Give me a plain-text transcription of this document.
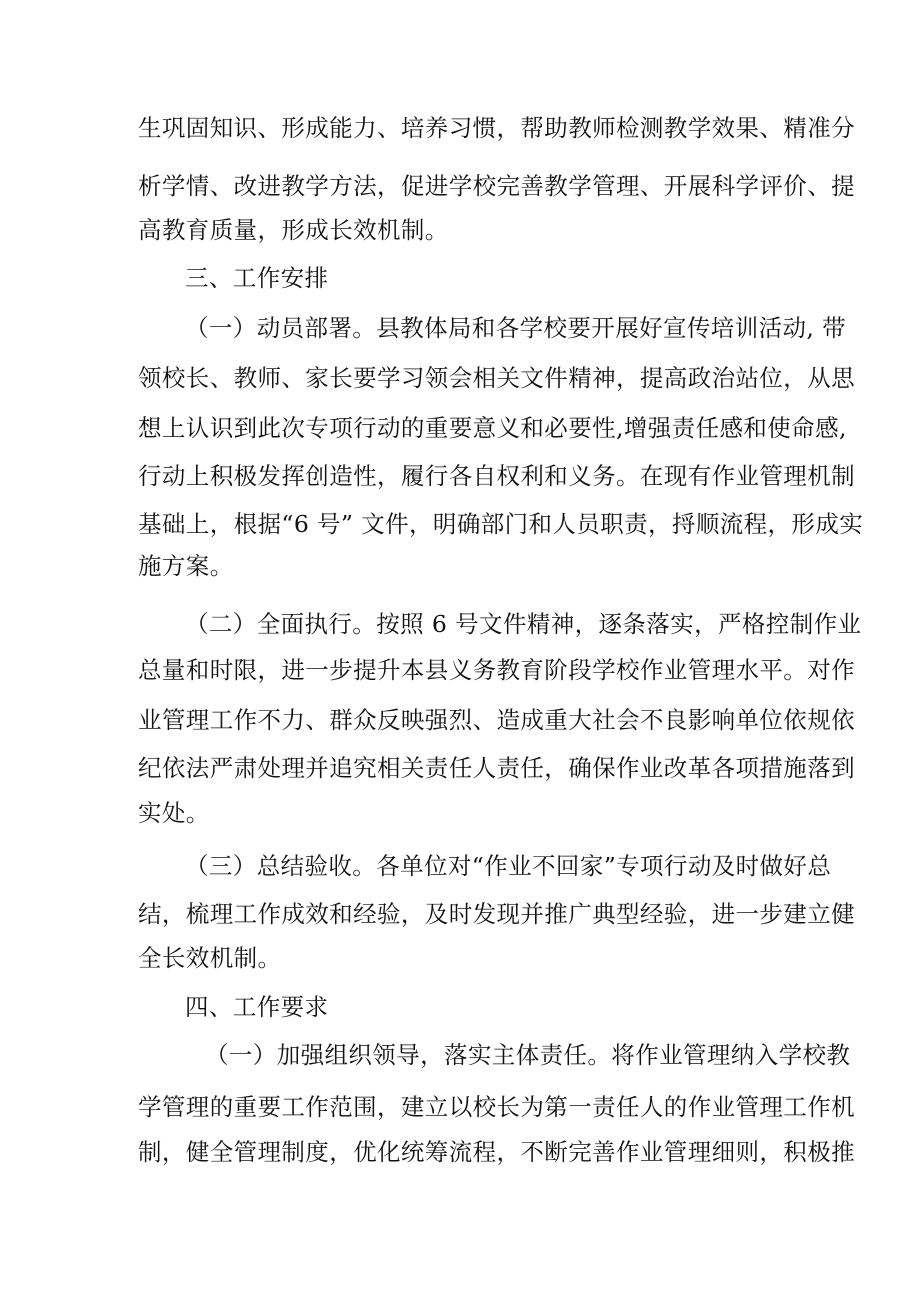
生巩固知识、形成能力、培养习惯，帮助教师检测教学效果、精准分
析学情、改进教学方法，促进学校完善教学管理、开展科学评价、提
高教育质量，形成长效机制。
三、工作安排
（一）动员部署。县教体局和各学校要开展好宣传培训活动, 带
领校长、教师、家长要学习领会相关文件精神，提高政治站位，从思
想上认识到此次专项行动的重要意义和必要性,增强责任感和使命感,
行动上积极发挥创造性，履行各自权利和义务。在现有作业管理机制
基础上，根据“6 号” 文件，明确部门和人员职责，捋顺流程，形成实
施方案。
（二）全面执行。按照 6 号文件精神，逐条落实，严格控制作业
总量和时限，进一步提升本县义务教育阶段学校作业管理水平。对作
业管理工作不力、群众反映强烈、造成重大社会不良影响单位依规依
纪依法严肃处理并追究相关责任人责任，确保作业改革各项措施落到
实处。
（三）总结验收。各单位对“作业不回家”专项行动及时做好总
结，梳理工作成效和经验，及时发现并推广典型经验，进一步建立健
全长效机制。
四、工作要求
（一）加强组织领导，落实主体责任。将作业管理纳入学校教
学管理的重要工作范围，建立以校长为第一责任人的作业管理工作机
制，健全管理制度，优化统筹流程，不断完善作业管理细则，积极推
